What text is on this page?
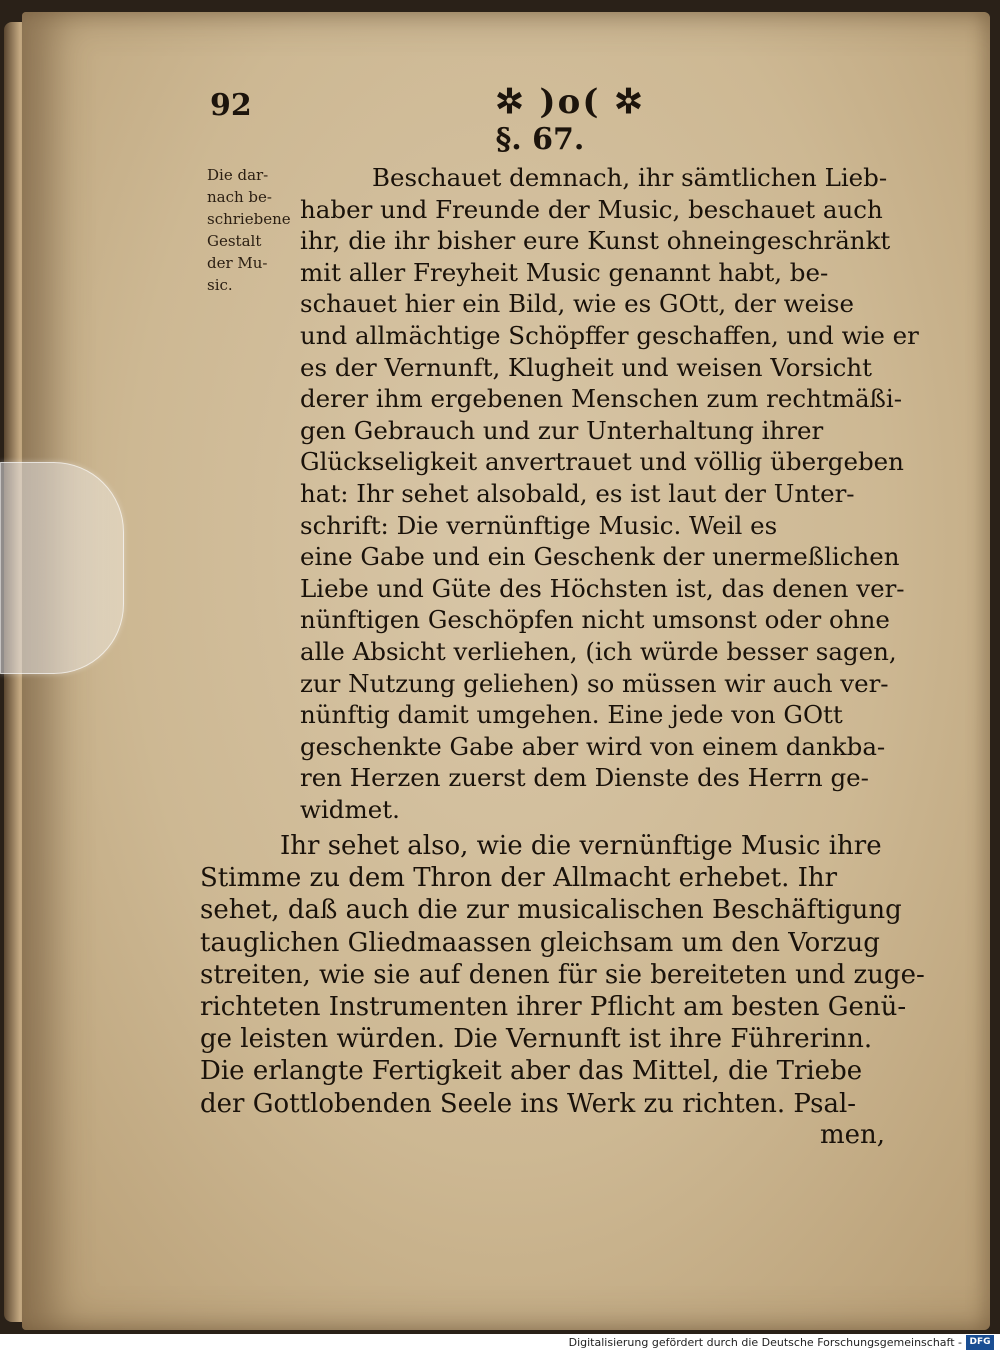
92	✲ )o( ✲
§. 67.
Die dar-
nach be-
schriebene
Gestalt
der Mu-
sic.
Beschauet demnach, ihr sämtlichen Lieb-
haber und Freunde der Music, beschauet auch
ihr, die ihr bisher eure Kunst ohneingeschränkt
mit aller Freyheit Music genannt habt, be-
schauet hier ein Bild, wie es GOtt, der weise
und allmächtige Schöpffer geschaffen, und wie er
es der Vernunft, Klugheit und weisen Vorsicht
derer ihm ergebenen Menschen zum rechtmäßi-
gen Gebrauch und zur Unterhaltung ihrer
Glückseligkeit anvertrauet und völlig übergeben
hat: Ihr sehet alsobald, es ist laut der Unter-
schrift: Die vernünftige Music. Weil es
eine Gabe und ein Geschenk der unermeßlichen
Liebe und Güte des Höchsten ist, das denen ver-
nünftigen Geschöpfen nicht umsonst oder ohne
alle Absicht verliehen, (ich würde besser sagen,
zur Nutzung geliehen) so müssen wir auch ver-
nünftig damit umgehen. Eine jede von GOtt
geschenkte Gabe aber wird von einem dankba-
ren Herzen zuerst dem Dienste des Herrn ge-
widmet.
Ihr sehet also, wie die vernünftige Music ihre
Stimme zu dem Thron der Allmacht erhebet. Ihr
sehet, daß auch die zur musicalischen Beschäftigung
tauglichen Gliedmaassen gleichsam um den Vorzug
streiten, wie sie auf denen für sie bereiteten und zuge-
richteten Instrumenten ihrer Pflicht am besten Genü-
ge leisten würden. Die Vernunft ist ihre Führerinn.
Die erlangte Fertigkeit aber das Mittel, die Triebe
der Gottlobenden Seele ins Werk zu richten. Psal-
men,
Digitalisierung gefördert durch die Deutsche Forschungsgemeinschaft - DFG
